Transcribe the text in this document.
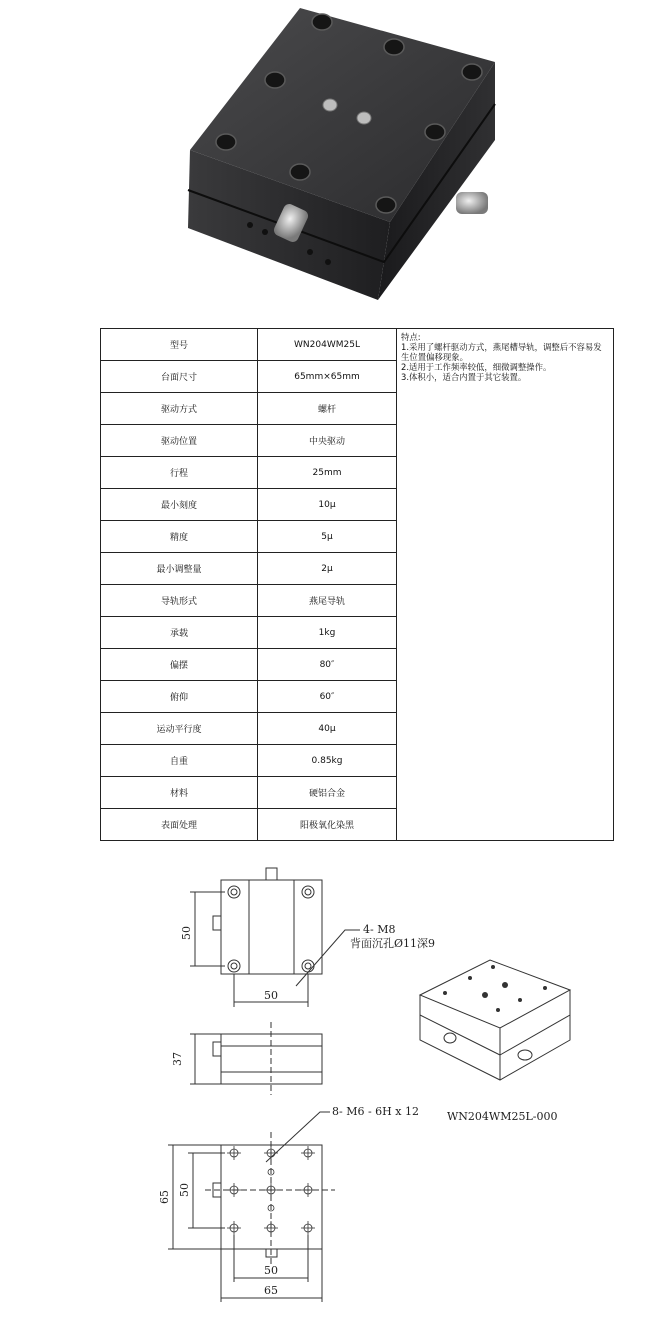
型号	WN204WM25L	特点:
1.采用了螺杆驱动方式，燕尾槽导轨，调整后不容易发生位置偏移现象。
2.适用于工作频率较低，细微调整操作。
3.体积小，适合内置于其它装置。

台面尺寸	65mm×65mm	
驱动方式	螺杆	
驱动位置	中央驱动	
行程	25mm	
最小刻度	10μ	
精度	5μ	
最小调整量	2μ	
导轨形式	燕尾导轨	
承载	1kg	
偏摆	80″	
俯仰	60″	
运动平行度	40μ	
自重	0.85kg	
材料	硬铝合金	
表面处理	阳极氧化染黑	
50
50
4- M8
背面沉孔Ø11深9
37
8- M6 - 6H x 12
65 50
50
65
WN204WM25L-000
